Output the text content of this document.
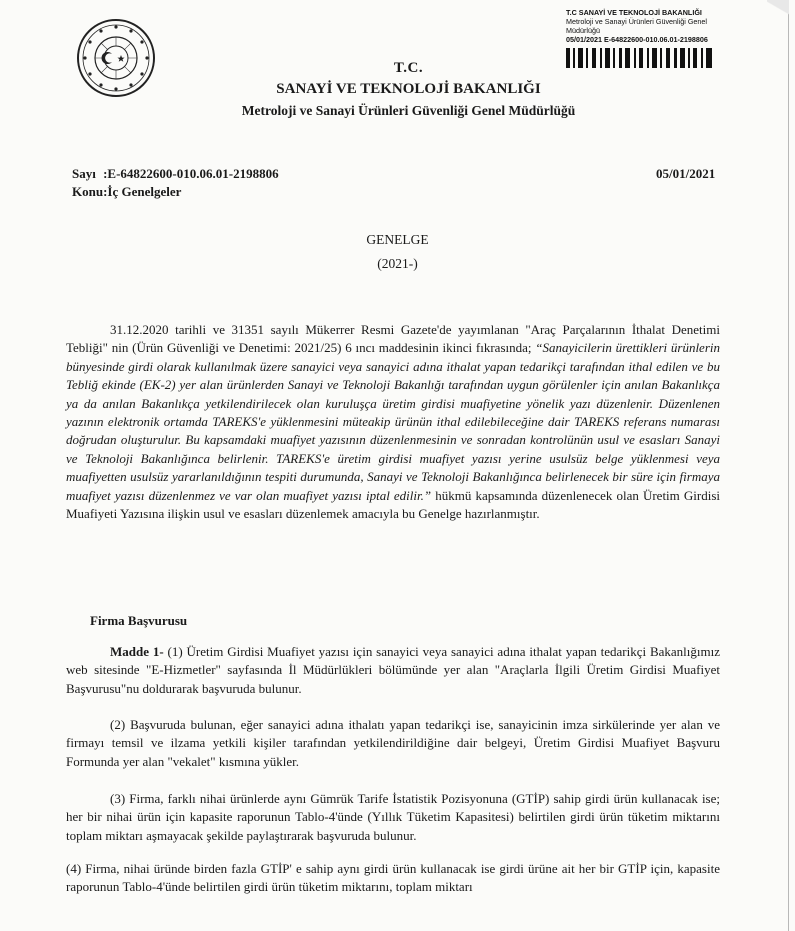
T.C SANAYİ VE TEKNOLOJİ BAKANLIĞI
Metroloji ve Sanayi Ürünleri Güvenliği Genel
Müdürlüğü
05/01/2021 E-64822600-010.06.01-2198806
T.C.
SANAYİ VE TEKNOLOJİ BAKANLIĞI
Metroloji ve Sanayi Ürünleri Güvenliği Genel Müdürlüğü
Sayı :E-64822600-010.06.01-2198806
Konu:İç Genelgeler
05/01/2021
GENELGE
(2021-)
31.12.2020 tarihli ve 31351 sayılı Mükerrer Resmi Gazete'de yayımlanan "Araç Parçalarının İthalat Denetimi Tebliği" nin (Ürün Güvenliği ve Denetimi: 2021/25) 6 ıncı maddesinin ikinci fıkrasında; “Sanayicilerin ürettikleri ürünlerin bünyesinde girdi olarak kullanılmak üzere sanayici veya sanayici adına ithalat yapan tedarikçi tarafından ithal edilen ve bu Tebliğ ekinde (EK-2) yer alan ürünlerden Sanayi ve Teknoloji Bakanlığı tarafından uygun görülenler için anılan Bakanlıkça ya da anılan Bakanlıkça yetkilendirilecek olan kuruluşça üretim girdisi muafiyetine yönelik yazı düzenlenir. Düzenlenen yazının elektronik ortamda TAREKS'e yüklenmesini müteakip ürünün ithal edilebileceğine dair TAREKS referans numarası doğrudan oluşturulur. Bu kapsamdaki muafiyet yazısının düzenlenmesinin ve sonradan kontrolünün usul ve esasları Sanayi ve Teknoloji Bakanlığınca belirlenir. TAREKS'e üretim girdisi muafiyet yazısı yerine usulsüz belge yüklenmesi veya muafiyetten usulsüz yararlanıldığının tespiti durumunda, Sanayi ve Teknoloji Bakanlığınca belirlenecek bir süre için firmaya muafiyet yazısı düzenlenmez ve var olan muafiyet yazısı iptal edilir.” hükmü kapsamında düzenlenecek olan Üretim Girdisi Muafiyeti Yazısına ilişkin usul ve esasları düzenlemek amacıyla bu Genelge hazırlanmıştır.
Firma Başvurusu
Madde 1- (1) Üretim Girdisi Muafiyet yazısı için sanayici veya sanayici adına ithalat yapan tedarikçi Bakanlığımız web sitesinde "E-Hizmetler" sayfasında İl Müdürlükleri bölümünde yer alan "Araçlarla İlgili Üretim Girdisi Muafiyet Başvurusu"nu doldurarak başvuruda bulunur.
(2) Başvuruda bulunan, eğer sanayici adına ithalatı yapan tedarikçi ise, sanayicinin imza sirkülerinde yer alan ve firmayı temsil ve ilzama yetkili kişiler tarafından yetkilendirildiğine dair belgeyi, Üretim Girdisi Muafiyet Başvuru Formunda yer alan "vekalet" kısmına yükler.
(3) Firma, farklı nihai ürünlerde aynı Gümrük Tarife İstatistik Pozisyonuna (GTİP) sahip girdi ürün kullanacak ise; her bir nihai ürün için kapasite raporunun Tablo-4'ünde (Yıllık Tüketim Kapasitesi) belirtilen girdi ürün tüketim miktarını toplam miktarı aşmayacak şekilde paylaştırarak başvuruda bulunur.
(4) Firma, nihai üründe birden fazla GTİP' e sahip aynı girdi ürün kullanacak ise girdi ürüne ait her bir GTİP için, kapasite raporunun Tablo-4'ünde belirtilen girdi ürün tüketim miktarını, toplam miktarı
